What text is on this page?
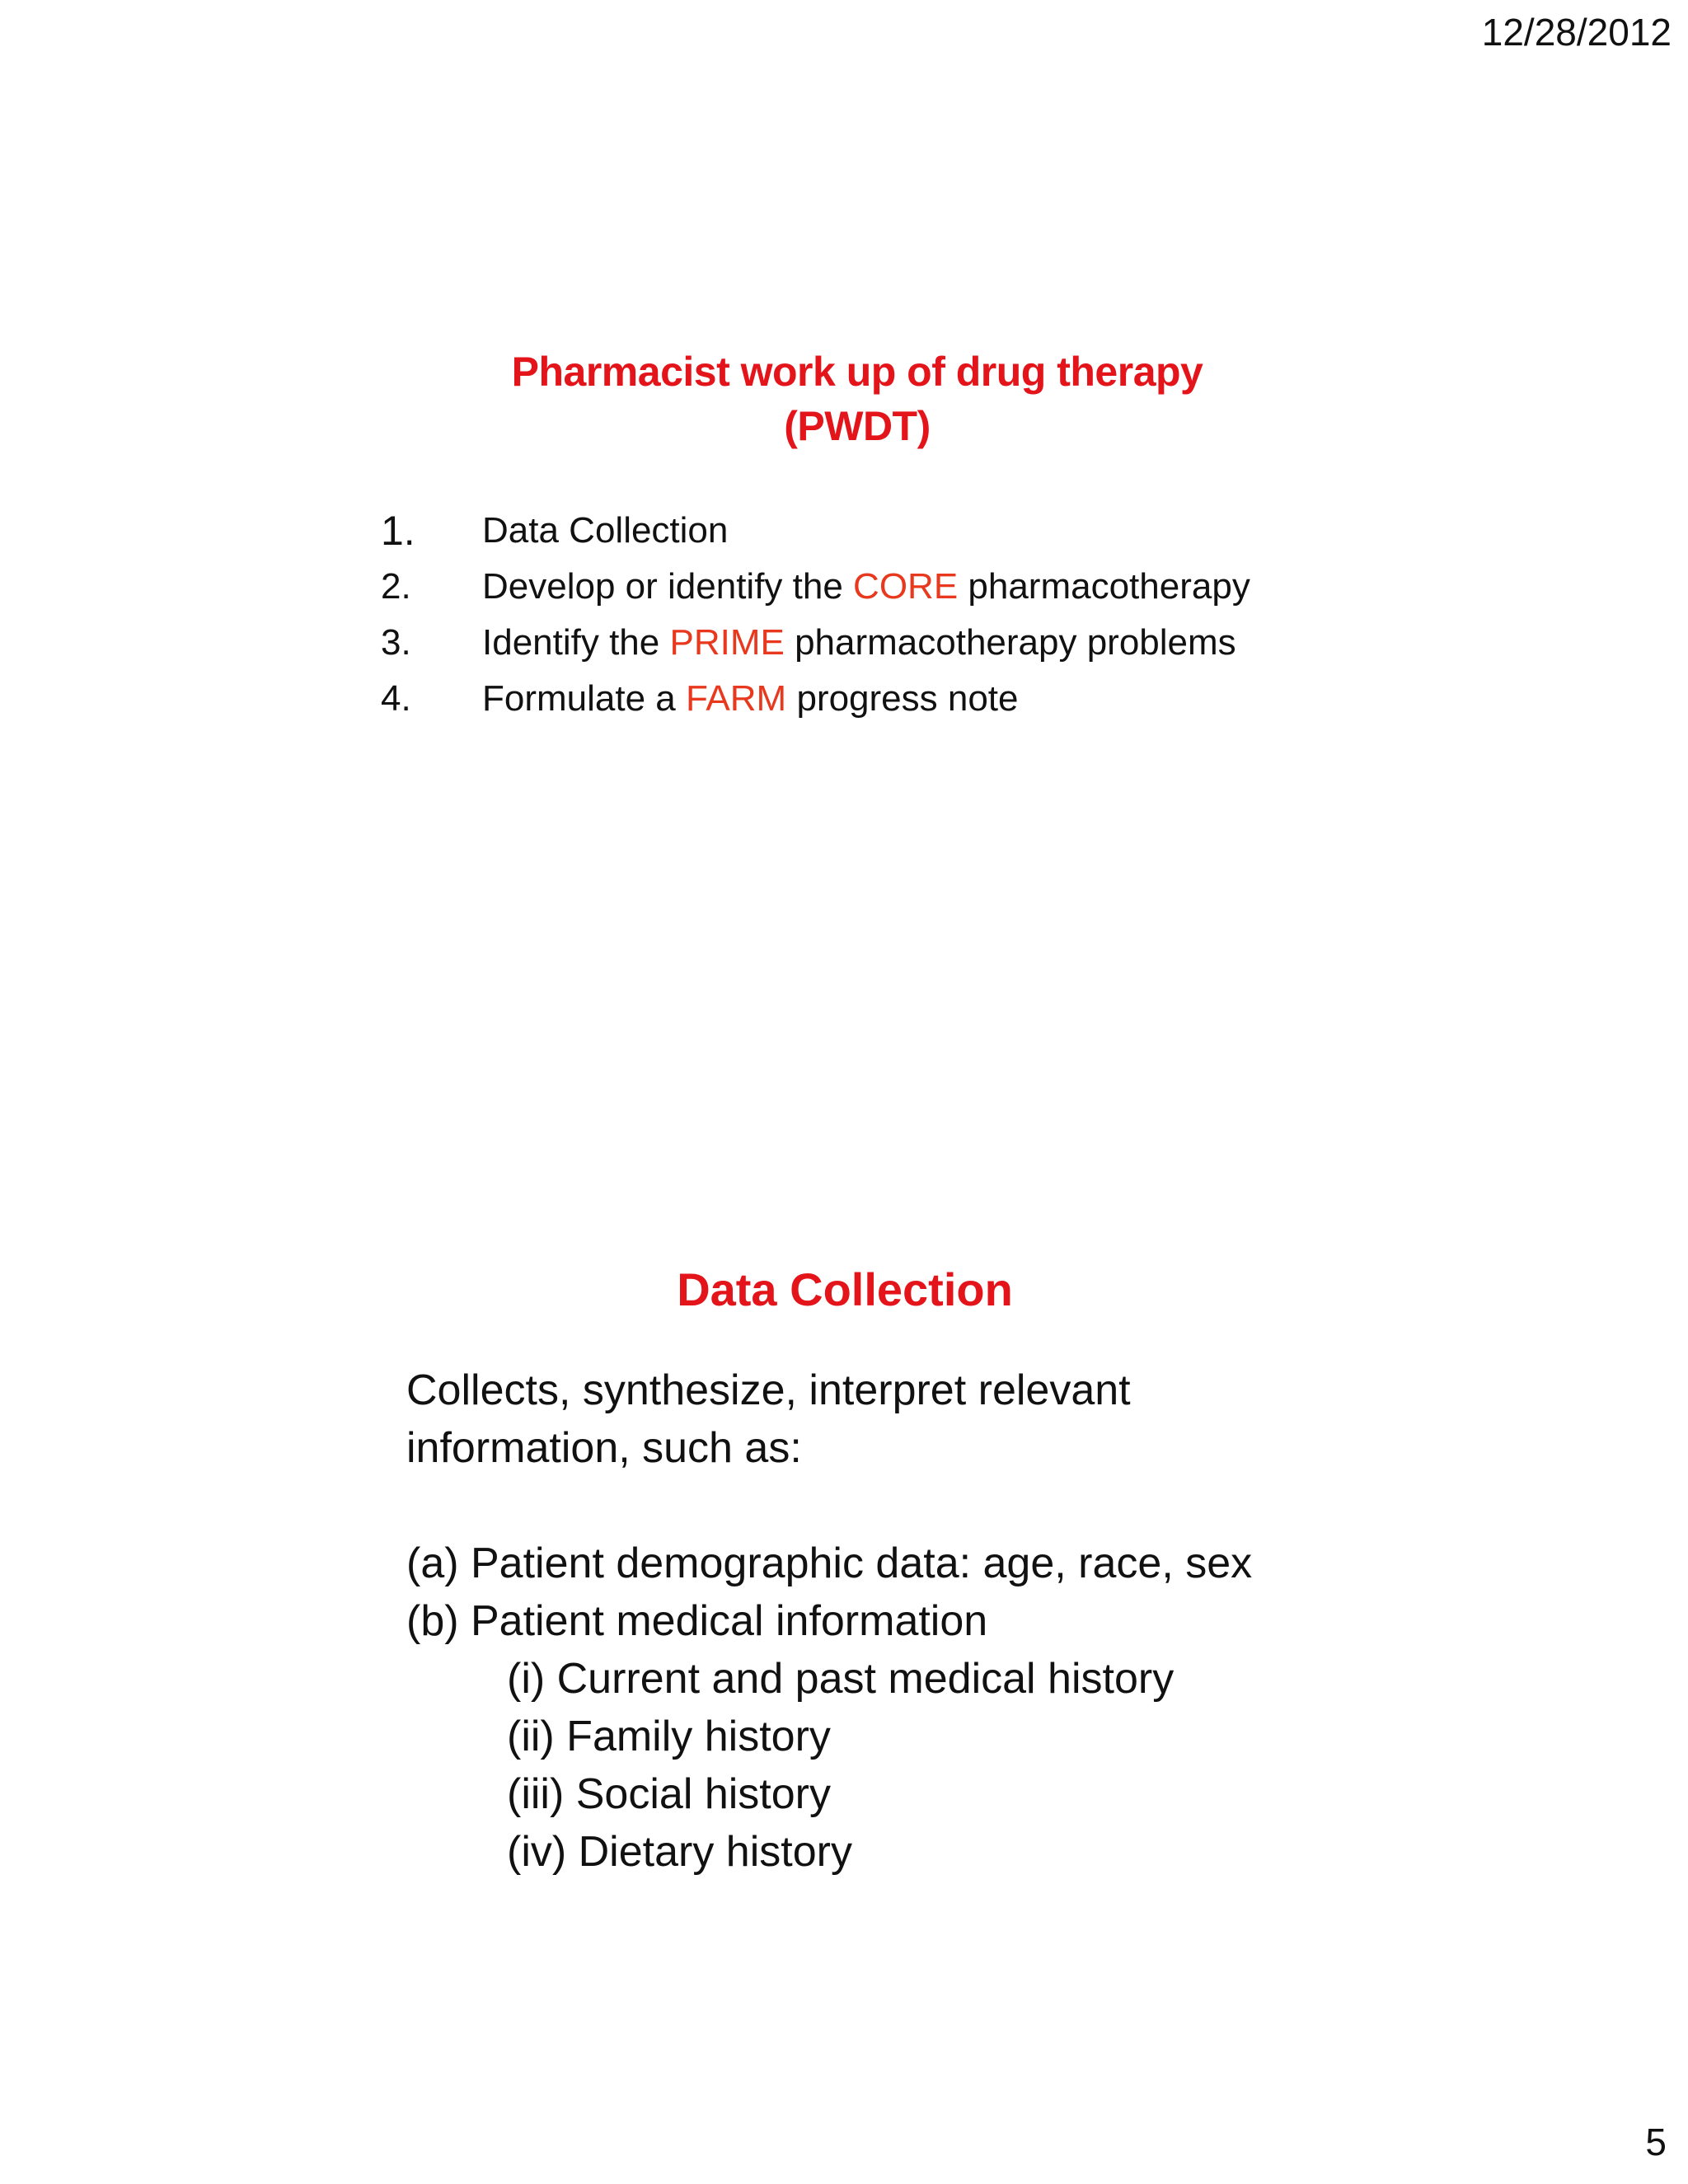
12/28/2012
Pharmacist work up of drug therapy
(PWDT)
1.	Data Collection
2.	Develop or identify the CORE pharmacotherapy
3.	Identify the PRIME pharmacotherapy problems
4.	Formulate a FARM progress note
Data Collection
Collects, synthesize, interpret relevant
information, such as:
(a) Patient demographic data: age, race, sex
(b) Patient medical information
(i) Current and past medical history
(ii) Family history
(iii) Social history
(iv) Dietary history
5
